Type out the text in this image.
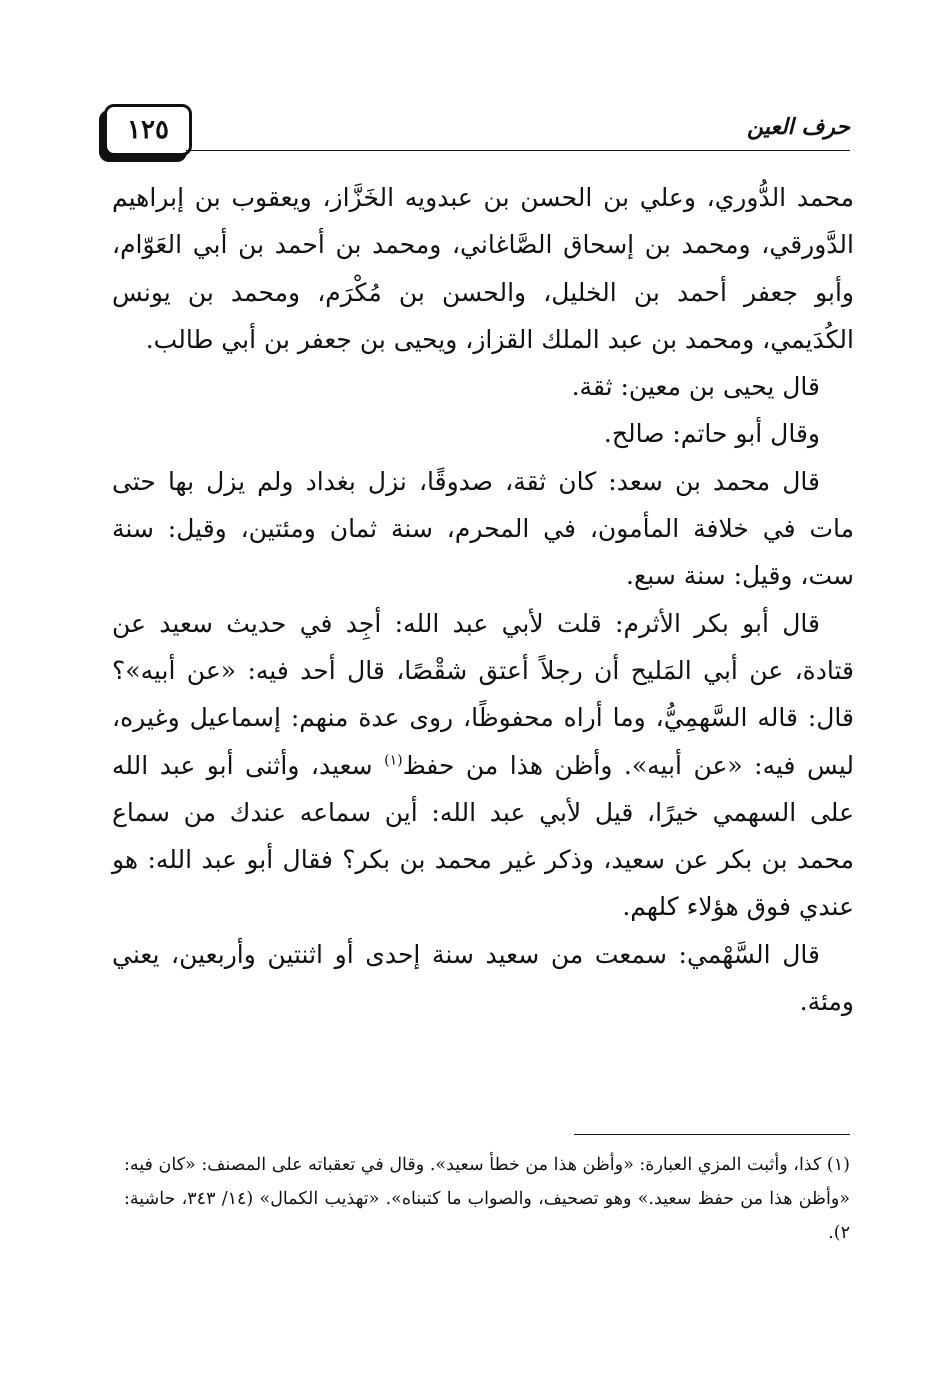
١٢٥	حرف العين

محمد الدُّوري، وعلي بن الحسن بن عبدويه الخَزَّاز، ويعقوب بن إبراهيم الدَّورقي، ومحمد بن إسحاق الصَّاغاني، ومحمد بن أحمد بن أبي العَوّام، وأبو جعفر أحمد بن الخليل، والحسن بن مُكْرَم، ومحمد بن يونس الكُدَيمي، ومحمد بن عبد الملك القزاز، ويحيى بن جعفر بن أبي طالب.

قال يحيى بن معين: ثقة.

وقال أبو حاتم: صالح.

قال محمد بن سعد: كان ثقة، صدوقًا، نزل بغداد ولم يزل بها حتى مات في خلافة المأمون، في المحرم، سنة ثمان ومئتين، وقيل: سنة ست، وقيل: سنة سبع.

قال أبو بكر الأثرم: قلت لأبي عبد الله: أجِد في حديث سعيد عن قتادة، عن أبي المَليح أن رجلاً أعتق شقْصًا، قال أحد فيه: «عن أبيه»؟ قال: قاله السَّهمِيُّ، وما أراه محفوظًا، روى عدة منهم: إسماعيل وغيره، ليس فيه: «عن أبيه». وأظن هذا من حفظ$^{(١)}$ سعيد، وأثنى أبو عبد الله على السهمي خيرًا، قيل لأبي عبد الله: أين سماعه عندك من سماع محمد بن بكر عن سعيد، وذكر غير محمد بن بكر؟ فقال أبو عبد الله: هو عندي فوق هؤلاء كلهم.

قال السَّهْمي: سمعت من سعيد سنة إحدى أو اثنتين وأربعين، يعني ومئة.

(١) كذا، وأثبت المزي العبارة: «وأظن هذا من خطأ سعيد». وقال في تعقباته على المصنف: «كان فيه: «وأظن هذا من حفظ سعيد.» وهو تصحيف، والصواب ما كتبناه». «تهذيب الكمال» (١٤/ ٣٤٣، حاشية: ٢).
